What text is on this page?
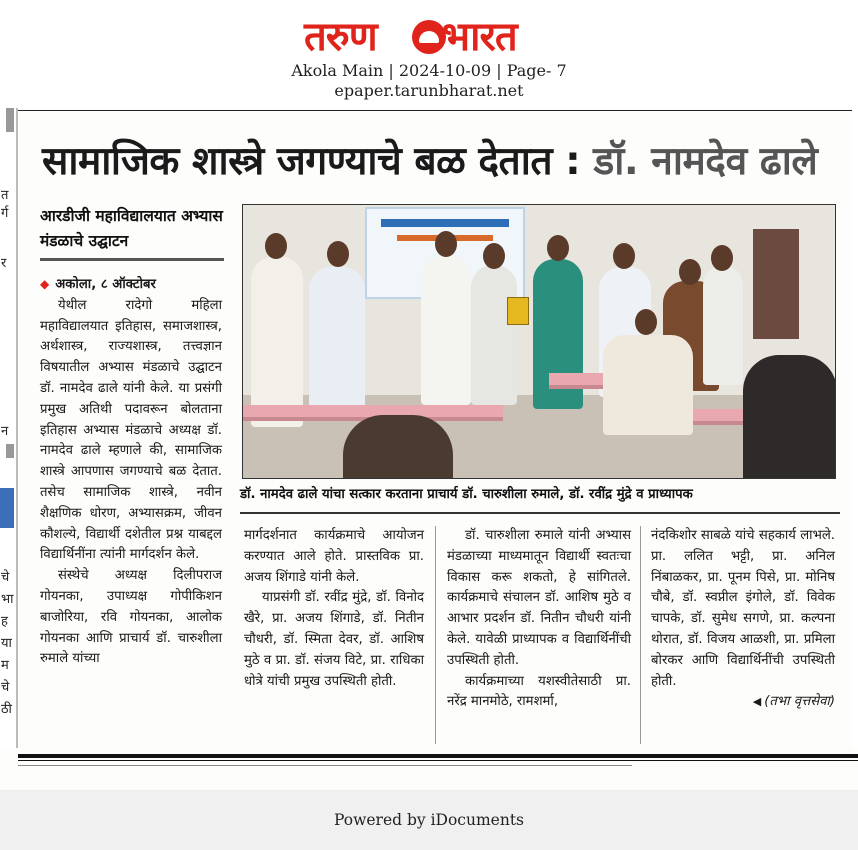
तरुण भारत
Akola Main | 2024-10-09 | Page- 7
epaper.tarunbharat.net
त
र्ग
र
न
चे
भा
ह
या
म
चे
ठी
सामाजिक शास्त्रे जगण्याचे बळ देतात : डॉ. नामदेव ढाले
आरडीजी महाविद्यालयात अभ्यास मंडळाचे उद्घाटन

◆ अकोला, ८ ऑक्टोबर

येथील रादेगो महिला महाविद्यालयात इतिहास, समाजशास्त्र, अर्थशास्त्र, राज्यशास्त्र, तत्त्वज्ञान विषयातील अभ्यास मंडळाचे उद्घाटन डॉ. नामदेव ढाले यांनी केले. या प्रसंगी प्रमुख अतिथी पदावरून बोलताना इतिहास अभ्यास मंडळाचे अध्यक्ष डॉ. नामदेव ढाले म्हणाले की, सामाजिक शास्त्रे आपणास जगण्याचे बळ देतात. तसेच सामाजिक शास्त्रे, नवीन शैक्षणिक धोरण, अभ्यासक्रम, जीवन कौशल्ये, विद्यार्थी दशेतील प्रश्न याबद्दल विद्यार्थिनींना त्यांनी मार्गदर्शन केले.

संस्थेचे अध्यक्ष दिलीपराज गोयनका, उपाध्यक्ष गोपीकिशन बाजोरिया, रवि गोयनका, आलोक गोयनका आणि प्राचार्य डॉ. चारुशीला रुमाले यांच्या

डॉ. नामदेव ढाले यांचा सत्कार करताना प्राचार्य डॉ. चारुशीला रुमाले, डॉ. रवींद्र मुंद्रे व प्राध्यापक

मार्गदर्शनात कार्यक्रमाचे आयोजन करण्यात आले होते. प्रास्तविक प्रा. अजय शिंगाडे यांनी केले.

याप्रसंगी डॉ. रवींद्र मुंद्रे, डॉ. विनोद खैरे, प्रा. अजय शिंगाडे, डॉ. नितीन चौधरी, डॉ. स्मिता देवर, डॉ. आशिष मुठे व प्रा. डॉ. संजय विटे, प्रा. राधिका धोत्रे यांची प्रमुख उपस्थिती होती.

डॉ. चारुशीला रुमाले यांनी अभ्यास मंडळाच्या माध्यमातून विद्यार्थी स्वतःचा विकास करू शकतो, हे सांगितले. कार्यक्रमाचे संचालन डॉ. आशिष मुठे व आभार प्रदर्शन डॉ. नितीन चौधरी यांनी केले. यावेळी प्राध्यापक व विद्यार्थिनींची उपस्थिती होती.

कार्यक्रमाच्या यशस्वीतेसाठी प्रा. नरेंद्र मानमोठे, रामशर्मा,

नंदकिशोर साबळे यांचे सहकार्य लाभले. प्रा. ललित भट्टी, प्रा. अनिल निंबाळकर, प्रा. पूनम पिसे, प्रा. मोनिष चौबे, डॉ. स्वप्नील इंगोले, डॉ. विवेक चापके, डॉ. सुमेध सगणे, प्रा. कल्पना थोरात, डॉ. विजय आळशी, प्रा. प्रमिला बोरकर आणि विद्यार्थिनींची उपस्थिती होती.

◀ (तभा वृत्तसेवा)

Powered by iDocuments
